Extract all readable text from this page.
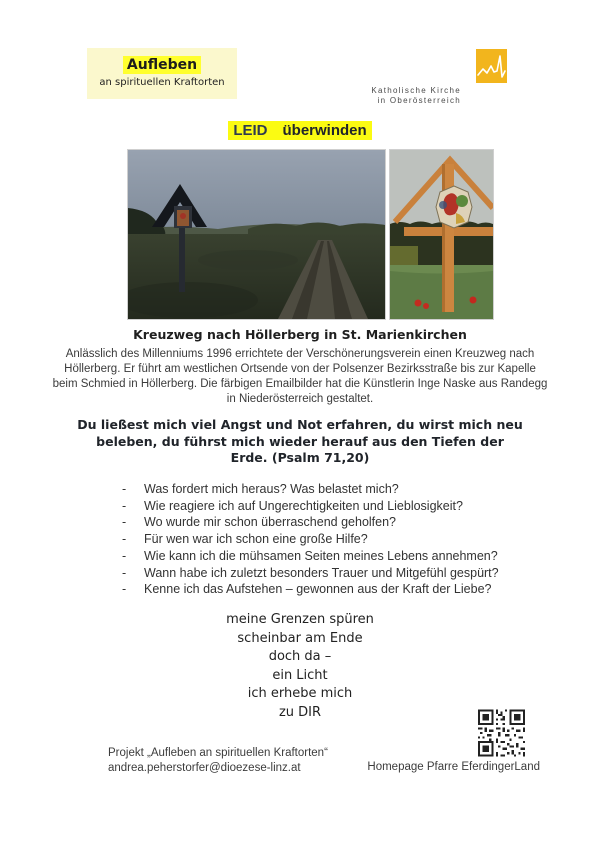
Aufleben
an spirituellen Kraftorten
Katholische Kirche
in Oberösterreich
LEID überwinden
Kreuzweg nach Höllerberg in St. Marienkirchen
Anlässlich des Millenniums 1996 errichtete der Verschönerungsverein einen Kreuzweg nach
Höllerberg. Er führt am westlichen Ortsende von der Polsenzer Bezirksstraße bis zur Kapelle
beim Schmied in Höllerberg. Die färbigen Emailbilder hat die Künstlerin Inge Naske aus Randegg
in Niederösterreich gestaltet.
Du ließest mich viel Angst und Not erfahren, du wirst mich neu
beleben, du führst mich wieder herauf aus den Tiefen der
Erde. (Psalm 71,20)
- Was fordert mich heraus? Was belastet mich?
- Wie reagiere ich auf Ungerechtigkeiten und Lieblosigkeit?
- Wo wurde mir schon überraschend geholfen?
- Für wen war ich schon eine große Hilfe?
- Wie kann ich die mühsamen Seiten meines Lebens annehmen?
- Wann habe ich zuletzt besonders Trauer und Mitgefühl gespürt?
- Kenne ich das Aufstehen – gewonnen aus der Kraft der Liebe?
meine Grenzen spüren
scheinbar am Ende
doch da –
ein Licht
ich erhebe mich
zu DIR
Projekt „Aufleben an spirituellen Kraftorten“
andrea.peherstorfer@dioezese-linz.at	Homepage Pfarre EferdingerLand
